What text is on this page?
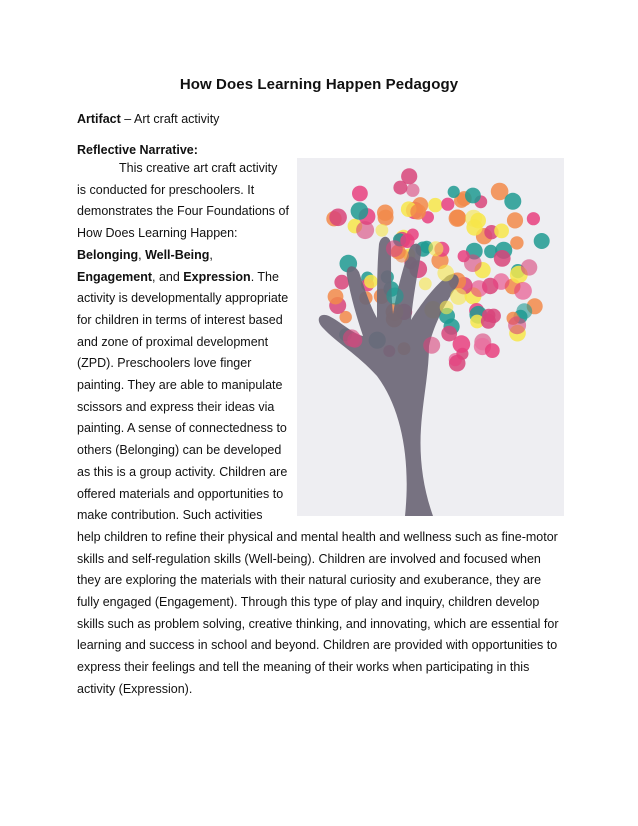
How Does Learning Happen Pedagogy
Artifact – Art craft activity
Reflective Narrative:
This creative art craft activity is conducted for preschoolers. It demonstrates the Four Foundations of How Does Learning Happen: Belonging, Well-Being, Engagement, and Expression. The activity is developmentally appropriate for children in terms of interest based and zone of proximal development (ZPD). Preschoolers love finger painting. They are able to manipulate scissors and express their ideas via painting. A sense of connectedness to others (Belonging) can be developed as this is a group activity. Children are offered materials and opportunities to make contribution. Such activities help children to refine their physical and mental health and wellness such as fine-motor skills and self-regulation skills (Well-being). Children are involved and focused when they are exploring the materials with their natural curiosity and exuberance, they are fully engaged (Engagement). Through this type of play and inquiry, children develop skills such as problem solving, creative thinking, and innovating, which are essential for learning and success in school and beyond. Children are provided with opportunities to express their feelings and tell the meaning of their works when participating in this activity (Expression).
